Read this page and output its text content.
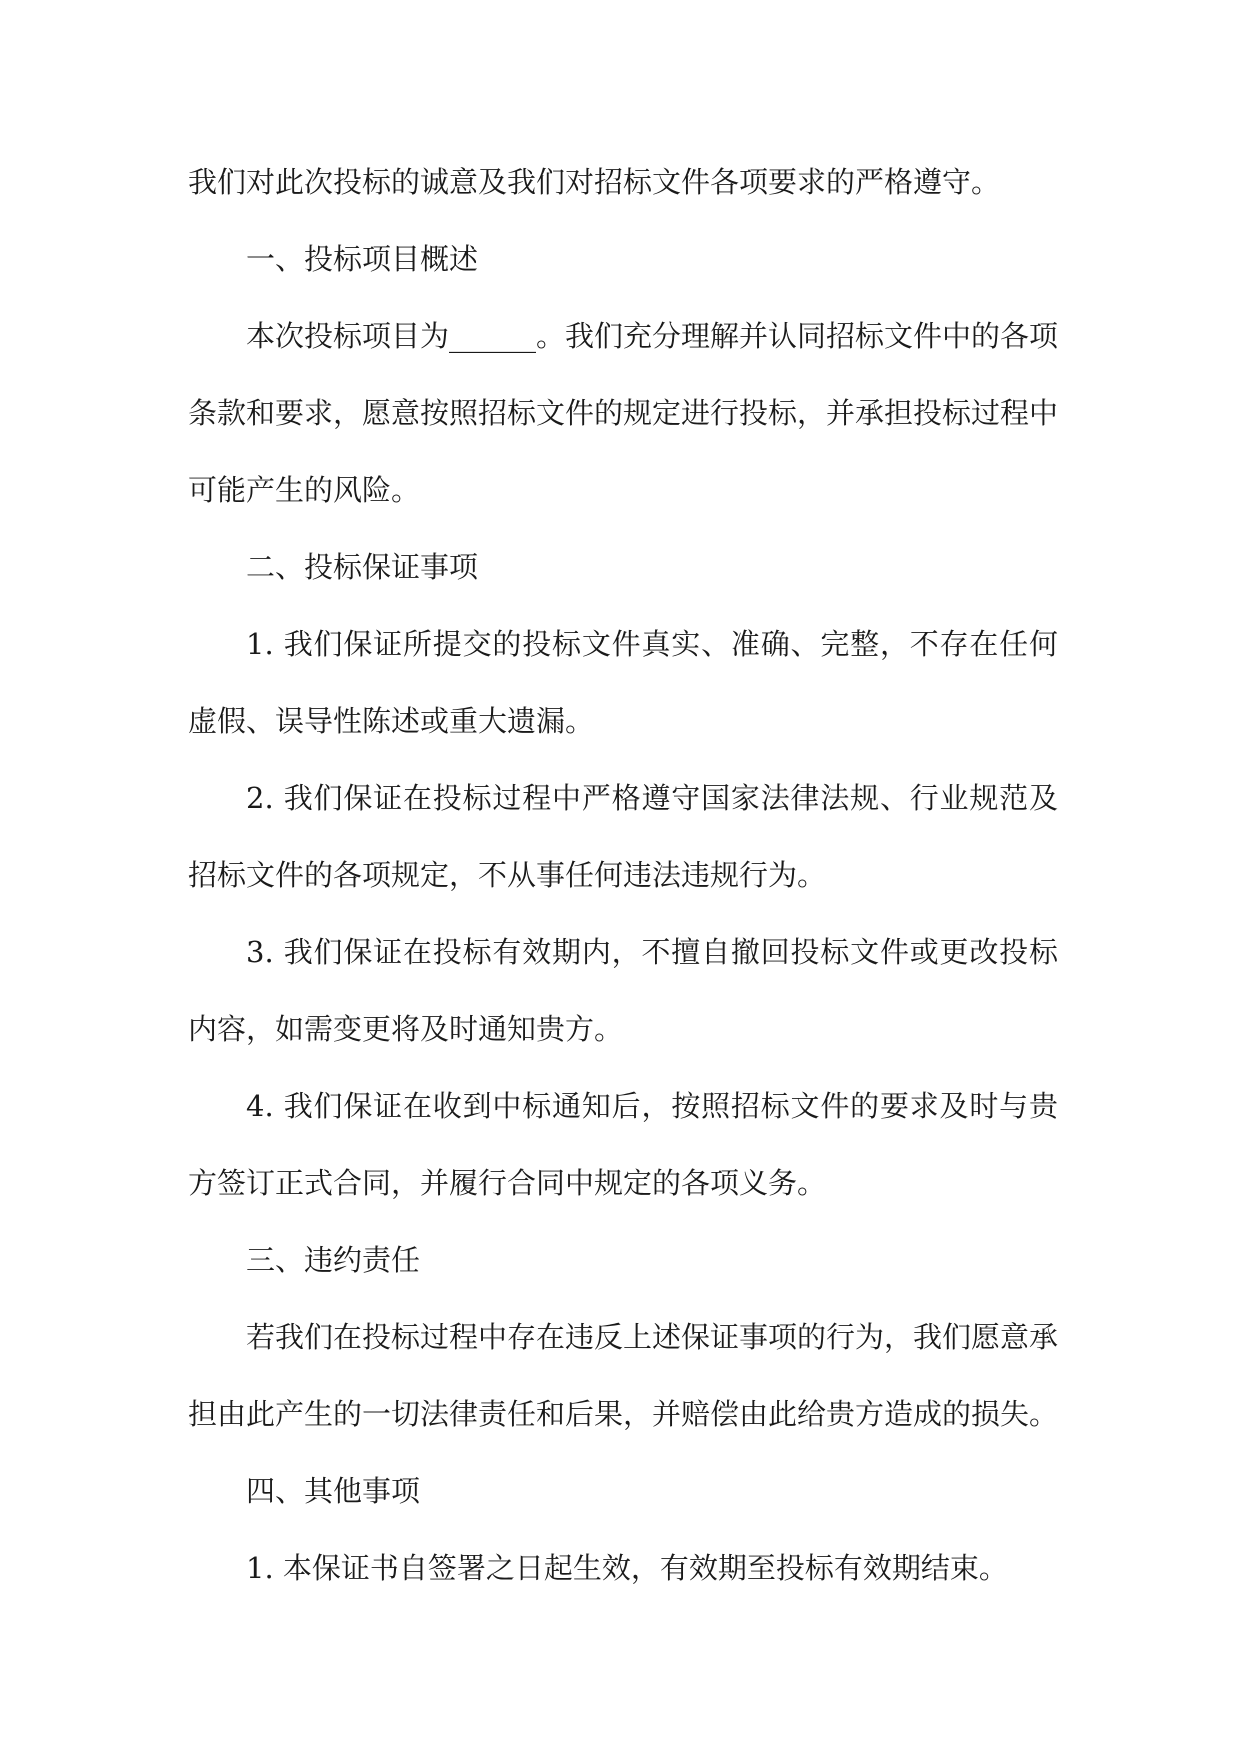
我们对此次投标的诚意及我们对招标文件各项要求的严格遵守。

一、投标项目概述

本次投标项目为______。我们充分理解并认同招标文件中的各项条款和要求，愿意按照招标文件的规定进行投标，并承担投标过程中可能产生的风险。

二、投标保证事项

1. 我们保证所提交的投标文件真实、准确、完整，不存在任何虚假、误导性陈述或重大遗漏。

2. 我们保证在投标过程中严格遵守国家法律法规、行业规范及招标文件的各项规定，不从事任何违法违规行为。

3. 我们保证在投标有效期内，不擅自撤回投标文件或更改投标内容，如需变更将及时通知贵方。

4. 我们保证在收到中标通知后，按照招标文件的要求及时与贵方签订正式合同，并履行合同中规定的各项义务。

三、违约责任

若我们在投标过程中存在违反上述保证事项的行为，我们愿意承担由此产生的一切法律责任和后果，并赔偿由此给贵方造成的损失。

四、其他事项

1. 本保证书自签署之日起生效，有效期至投标有效期结束。
